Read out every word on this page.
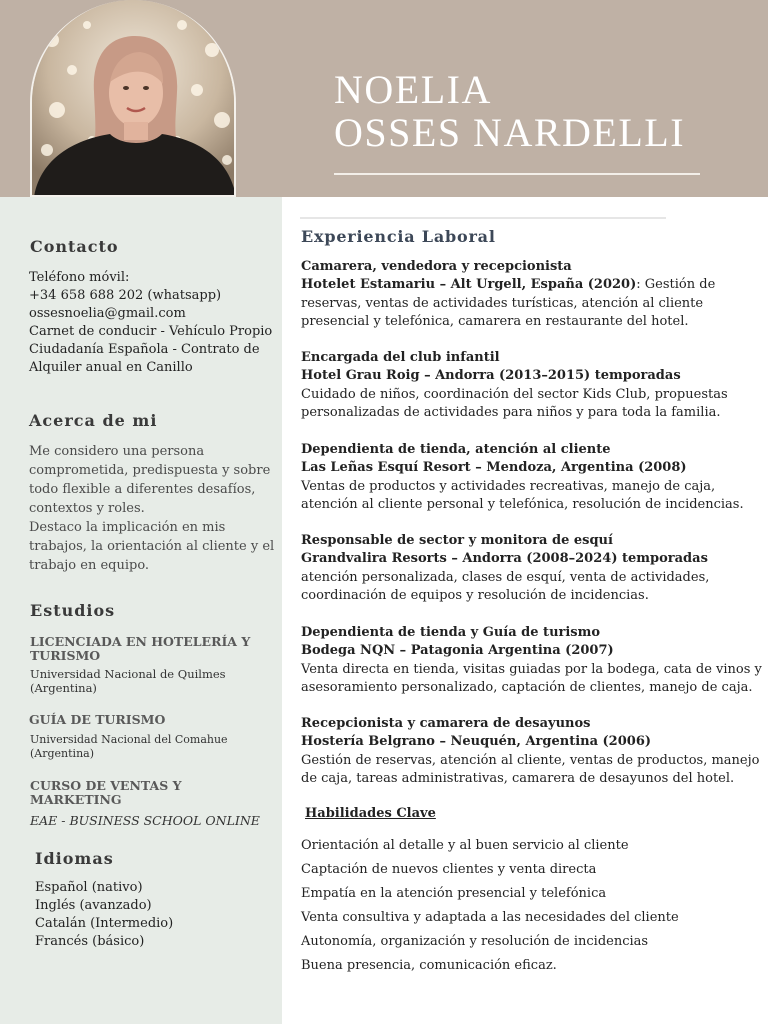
NOELIA
OSSES NARDELLI
Contacto
Teléfono móvil:
+34 658 688 202 (whatsapp)
ossesnoelia@gmail.com
Carnet de conducir - Vehículo Propio
Ciudadanía Española - Contrato de
Alquiler anual en Canillo
Acerca de mi
Me considero una persona
comprometida, predispuesta y sobre
todo flexible a diferentes desafíos,
contextos y roles.
Destaco la implicación en mis
trabajos, la orientación al cliente y el
trabajo en equipo.
Estudios
LICENCIADA EN HOTELERÍA Y
TURISMO
Universidad Nacional de Quilmes
(Argentina)
GUÍA DE TURISMO
Universidad Nacional del Comahue
(Argentina)
CURSO DE VENTAS Y
MARKETING
EAE - BUSINESS SCHOOL ONLINE
Idiomas
Español (nativo)
Inglés (avanzado)
Catalán (Intermedio)
Francés (básico)
Experiencia Laboral
Camarera, vendedora y recepcionista
Hotelet Estamariu – Alt Urgell, España (2020): Gestión de
reservas, ventas de actividades turísticas, atención al cliente
presencial y telefónica, camarera en restaurante del hotel.
Encargada del club infantil
Hotel Grau Roig – Andorra (2013–2015) temporadas
Cuidado de niños, coordinación del sector Kids Club, propuestas
personalizadas de actividades para niños y para toda la familia.
Dependienta de tienda, atención al cliente
Las Leñas Esquí Resort – Mendoza, Argentina (2008)
Ventas de productos y actividades recreativas, manejo de caja,
atención al cliente personal y telefónica, resolución de incidencias.
Responsable de sector y monitora de esquí
Grandvalira Resorts – Andorra (2008–2024) temporadas
atención personalizada, clases de esquí, venta de actividades,
coordinación de equipos y resolución de incidencias.
Dependienta de tienda y Guía de turismo
Bodega NQN – Patagonia Argentina (2007)
Venta directa en tienda, visitas guiadas por la bodega, cata de vinos y
asesoramiento personalizado, captación de clientes, manejo de caja.
Recepcionista y camarera de desayunos
Hostería Belgrano – Neuquén, Argentina (2006)
Gestión de reservas, atención al cliente, ventas de productos, manejo
de caja, tareas administrativas, camarera de desayunos del hotel.
Habilidades Clave
Orientación al detalle y al buen servicio al cliente
Captación de nuevos clientes y venta directa
Empatía en la atención presencial y telefónica
Venta consultiva y adaptada a las necesidades del cliente
Autonomía, organización y resolución de incidencias
Buena presencia, comunicación eficaz.
